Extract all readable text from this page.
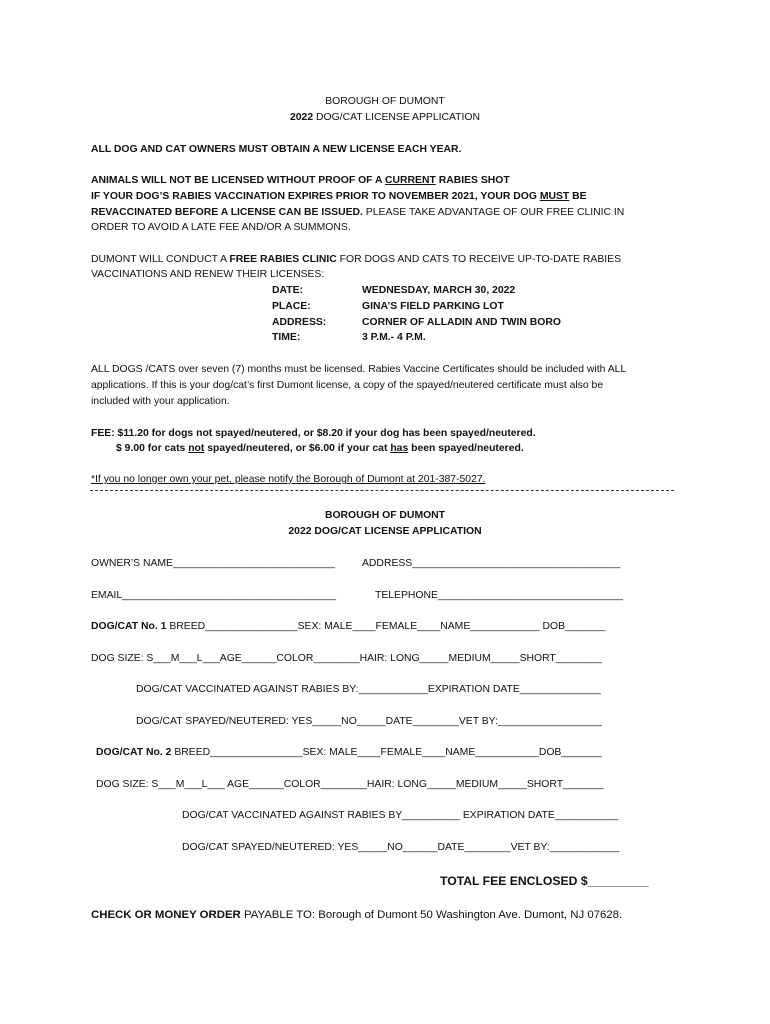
BOROUGH OF DUMONT
2022 DOG/CAT LICENSE APPLICATION
ALL DOG AND CAT OWNERS MUST OBTAIN A NEW LICENSE EACH YEAR.
ANIMALS WILL NOT BE LICENSED WITHOUT PROOF OF A CURRENT RABIES SHOT
IF YOUR DOG’S RABIES VACCINATION EXPIRES PRIOR TO NOVEMBER 2021, YOUR DOG MUST BE
REVACCINATED BEFORE A LICENSE CAN BE ISSUED. PLEASE TAKE ADVANTAGE OF OUR FREE CLINIC IN
ORDER TO AVOID A LATE FEE AND/OR A SUMMONS.
DUMONT WILL CONDUCT A FREE RABIES CLINIC FOR DOGS AND CATS TO RECEIVE UP-TO-DATE RABIES
VACCINATIONS AND RENEW THEIR LICENSES:
DATE:	WEDNESDAY, MARCH 30, 2022
PLACE:	GINA’S FIELD PARKING LOT
ADDRESS:	CORNER OF ALLADIN AND TWIN BORO
TIME:	3 P.M.- 4 P.M.
ALL DOGS /CATS over seven (7) months must be licensed. Rabies Vaccine Certificates should be included with ALL
applications. If this is your dog/cat’s first Dumont license, a copy of the spayed/neutered certificate must also be
included with your application.
FEE: $11.20 for dogs not spayed/neutered, or $8.20 if your dog has been spayed/neutered.
$ 9.00 for cats not spayed/neutered, or $6.00 if your cat has been spayed/neutered.
*If you no longer own your pet, please notify the Borough of Dumont at 201-387-5027.
BOROUGH OF DUMONT
2022 DOG/CAT LICENSE APPLICATION
OWNER’S NAME____________________________	ADDRESS____________________________________
EMAIL_____________________________________	TELEPHONE________________________________
DOG/CAT No. 1 BREED________________SEX: MALE____FEMALE____NAME____________ DOB_______
DOG SIZE: S___M___L___AGE______COLOR________HAIR: LONG_____MEDIUM_____SHORT________
DOG/CAT VACCINATED AGAINST RABIES BY:____________EXPIRATION DATE______________
DOG/CAT SPAYED/NEUTERED: YES_____NO_____DATE________VET BY:__________________
DOG/CAT No. 2 BREED________________SEX: MALE____FEMALE____NAME___________DOB_______
DOG SIZE: S___M___L___ AGE______COLOR________HAIR: LONG_____MEDIUM_____SHORT_______
DOG/CAT VACCINATED AGAINST RABIES BY__________ EXPIRATION DATE___________
DOG/CAT SPAYED/NEUTERED: YES_____NO______DATE________VET BY:____________
TOTAL FEE ENCLOSED $_________
CHECK OR MONEY ORDER PAYABLE TO: Borough of Dumont 50 Washington Ave. Dumont, NJ 07628.
